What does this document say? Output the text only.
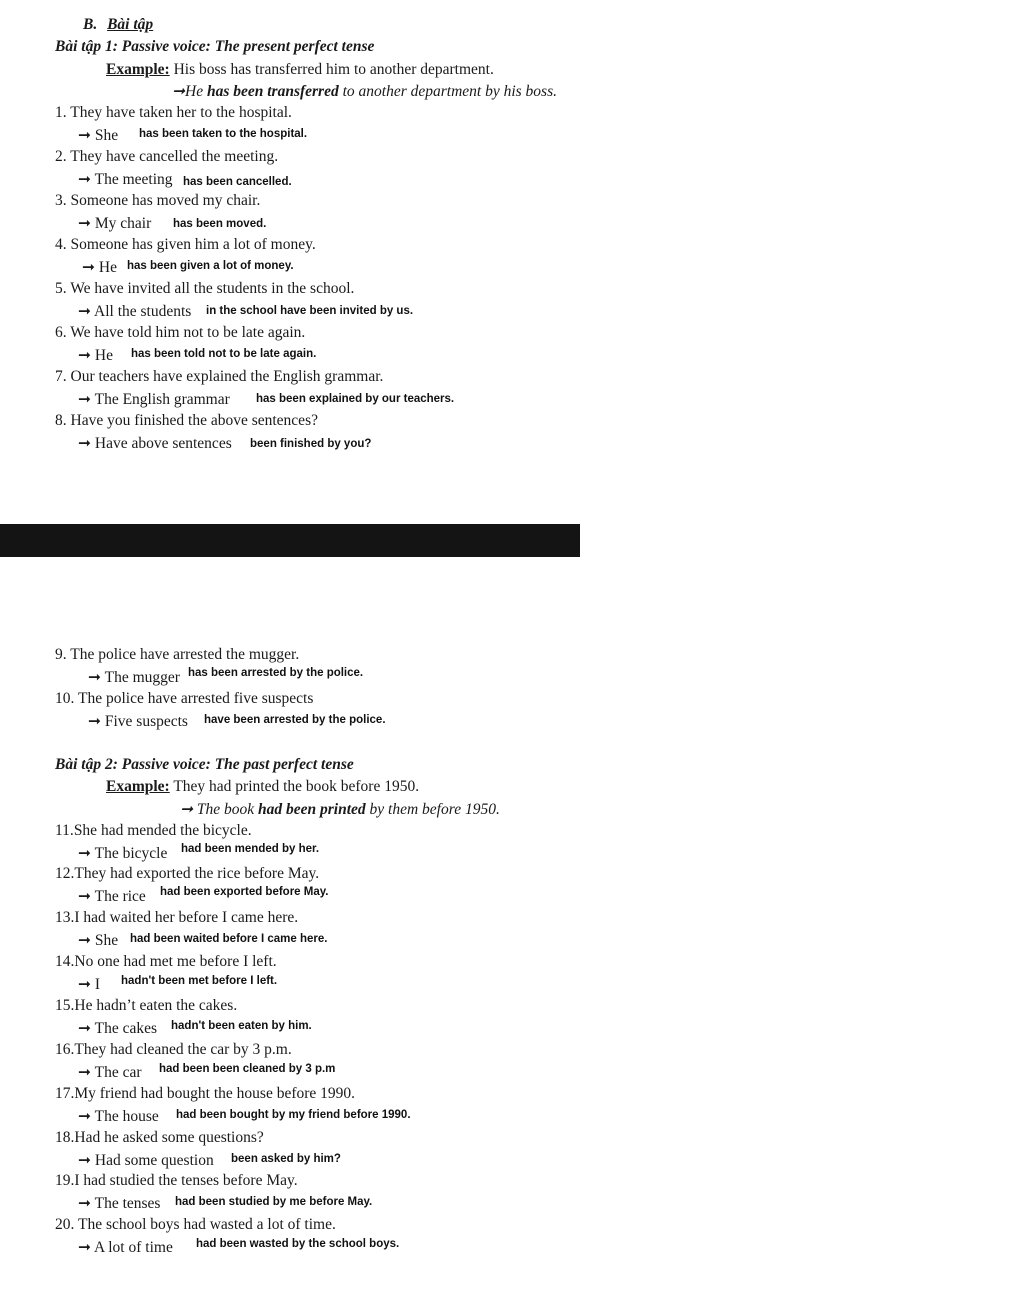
B. Bài tập
Bài tập 1: Passive voice: The present perfect tense
Example: His boss has transferred him to another department.
➞He has been transferred to another department by his boss.
1. They have taken her to the hospital.
➞ She has been taken to the hospital.
2. They have cancelled the meeting.
➞ The meeting has been cancelled.
3. Someone has moved my chair.
➞ My chair has been moved.
4. Someone has given him a lot of money.
➞ He has been given a lot of money.
5. We have invited all the students in the school.
➞ All the students in the school have been invited by us.
6. We have told him not to be late again.
➞ He has been told not to be late again.
7. Our teachers have explained the English grammar.
➞ The English grammar has been explained by our teachers.
8. Have you finished the above sentences?
➞ Have above sentences been finished by you?
9. The police have arrested the mugger.
➞ The mugger has been arrested by the police.
10. The police have arrested five suspects
➞ Five suspects have been arrested by the police.
Bài tập 2: Passive voice: The past perfect tense
Example: They had printed the book before 1950.
➞ The book had been printed by them before 1950.
11.She had mended the bicycle.
➞ The bicycle had been mended by her.
12.They had exported the rice before May.
➞ The rice had been exported before May.
13.I had waited her before I came here.
➞ She had been waited before I came here.
14.No one had met me before I left.
➞ I hadn't been met before I left.
15.He hadn’t eaten the cakes.
➞ The cakes hadn't been eaten by him.
16.They had cleaned the car by 3 p.m.
➞ The car had been been cleaned by 3 p.m
17.My friend had bought the house before 1990.
➞ The house had been bought by my friend before 1990.
18.Had he asked some questions?
➞ Had some question been asked by him?
19.I had studied the tenses before May.
➞ The tenses had been studied by me before May.
20. The school boys had wasted a lot of time.
➞ A lot of time had been wasted by the school boys.
